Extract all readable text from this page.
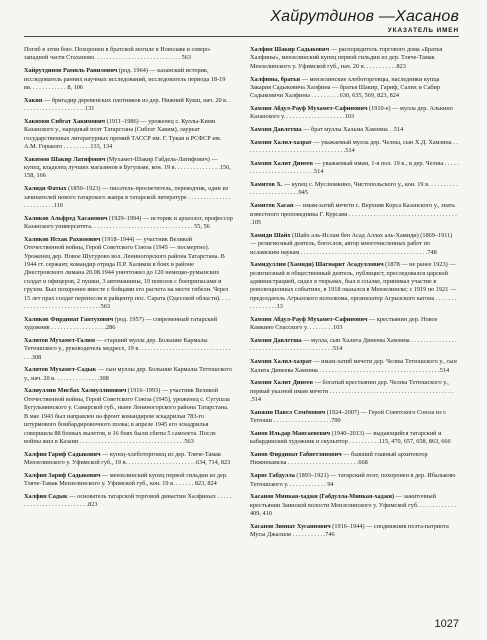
Хайрутдинов —Хасанов
УКАЗАТЕЛЬ ИМЕН

Погиб в этом бою. Похоронен в братской могиле в Новолаве в северо-западной части Стаханово. . . . . . . . . . . . . . . . . . . . . . . . . . . . 563

Хайрутдинов Рамиль Раиилович (род. 1964) — казанский историк, исследователь ранних научных исследований, исследователь периода 18-19 вв. . . . . . . . . . . . 8, 106

Хакин — бригадир деревенских плотников из дер. Нижний Кукш, нач. 20 в. . . . . . . . . . . . . . . . . . . . . .131

Хакимов Сибгат Хакимович (1911–1986) — уроженец с. Куллы-Кими Казанского у., народный поэт Татарстана (Сибгат Хаким), лауреат государственных литературных премий ТАССР им. Г. Тукая и РСФСР им. А.М. Горького . . . . . . . . .133, 134

Хакимов Шакир Латифович (Мухамет-Шакир Габдель-Латифович) — купец, владелец лучших магазинов в Бугульме, кон. 19 в. . . . . . . . . . . . . . .156, 158, 166

Халиди Фатых (1850–1923) — писатель-просветитель, переводчик, один из зачинателей нового татарского жанра в татарской литературе . . . . . . . . . . . . . . . . . . . . . . . .110

Халиков Альфред Хасанович (1929–1994) — историк и археолог, профессор Казанского университета. . . . . . . . . . . . . . . . . . . . . . . . . . . . . . . . . 55, 56

Халиков Исхак Рахимович (1918–1944) — участник Великой Отечественной войны, Герой Советского Союза (1945 — посмертно). Уроженец дер. Новое Шугурово вол. Лениногорского района Татарстана. В 1944 гг. сержант, командир отряда П.Р. Халиков в боях в районе Днестровского лимана 20.08.1944 уничтожил до 120 немецко-румынских солдат и офицеров, 2 пушки, 3 автомашины, 19 повозок с боеприпасами и грузом. Был похоронен вместе с бойцами его расчета на месте гибели. Через 15 лет прах солдат перенесли в райцентр пос. Сарата (Одесской области). . . . . . . . . . . . . . . . . . . . . . . . . . . . .563

Халиков Фирдинат Гантухович (род. 1957) — современный татарский художник . . . . . . . . . . . . . . . . . .286

Халитов Мухамет-Галим — старший мулла дер. Большие Кармалы Тетюшского у., руководитель медресе, 19 в. . . . . . . . . . . . . . . . . . . . . . . . . . . . . . . . .308

Халитов Мухамет-Садык — сын муллы дер. Большие Кармалы Тетюшского у., нач. 20 в. . . . . . . . . . . . . . .308

Халиуллин Мисбах Халиуллинович (1916–1993) — участник Великой Отечественной войны, Герой Советского Союза (1945), уроженец с. Сугушла Бугульминского у. Самарской губ., ныне Лениногорского района Татарстана. В мае 1943 был направлен на фронт командиром эскадрильи 783-го штурмового бомбардировочного полка; в апреле 1945 его эскадрилья совершила 88 боевых вылетов, в 16 боях были сбиты 5 самолета. После войны жил в Казани . . . . . . . . . . . . . . . . . . . . . . . . . . . . . . . . . .563

Халфин Гариф Садыкович — купец-хлеботорговец из дер. Тляче-Тамак Мензелинского у. Уфимской губ., 19 в. . . . . . . . . . . . . . . . . . . . . . .634, 714, 823

Халфин Зариф Садыкович — мензелинский купец первой гильдии из дер. Тляче-Тамак Мензелинского у. Уфимской губ., кон. 19 в. . . . . . . 823, 824

Халфин Садык — основатель татарской торговой династии Халфиных . . . . . . . . . . . . . . . . . . . . . . . . . .823

Халфин Шакир Садыкович — распорядитель торгового дома «Братья Халфины», мензелинский купец первой гильдии из дер. Тляче-Тамак Мензелинского у. Уфимской губ., нач. 20 в. . . . . . . . . . .823

Халфины, братья — мензелинские хлеботорговцы, наследники купца Закария Садыковича Халфина — братья Шакир, Гариф, Салих и Сабир Садыковичи Халфины . . . . . . . . . 630, 635, 569, 823, 824

Хамзин Абдул-Рауф Мухамет-Сафинович (1910-е) — мулла дер. Алькино Казанского у. . . . . . . . . . . . . . . . . . . .103

Хамзин Давлетша — брат муллы Хальма Хамзина . .514

Хамзин Халил-хазрат — уважаемый мулла дер. Челны, сын Х.Д. Хамзина . . . . . . . . . . . . . . . . . . . . . . . . . . . . . . . . .514

Хамзин Халит Динеев — уважаемый имам, 1-я пол. 19 в., в дер. Челны . . . . . . . . . . . . . . . . . . . . . . . . . .514

Хамитов Х. — купец с. Муслюмкино, Чистопольского у., кон. 19 в. . . . . . . . . . . . . . . . . . . . . . . . . .945

Хамитов Хасан — имам-хатиб мечети с. Верхняя Корса Казанского у., знать известного проповедника Г. Курсави . . . . . . . . . . . . . . . . . . . . . . . . . . . . . . . . . . . .105

Хамиди Шайх (Шайх аль-Ислам бен Асад Аллах аль-Хамиди) (1869–1911) — религиозный деятель, богослов, автор многочисленных работ по исламским наукам . . . . . . . . . . . . . . . . . . . . . . . . . . . . . . . . . . . . . . . . .748

Хамидуллин (Хамиди) Шагиарит Асадуллович (1878 — не ранее 1923) — религиозный и общественный деятель, публицист, преследовался царской администрацией, сидел в тюрьмах, был в ссылке, принимал участие в революционных событиях, в 1918 оказался в Мензелинске; с 1919 по 1921 — председатель Агрызского исполкома, организатор Агрызского катона . . . . . . . . . . . . . . . .13

Хамзин Абдул-Рауф Мухамет-Сафинович — крестьянин дер. Новое Камкино Спасского у. . . . . . . . .103

Хамзин Давлетша — мулла, сын Халита Динеева Хамзина . . . . . . . . . . . . . . . . . . . . . . . . . . . . . . . . . . . . . . . . . .514

Хамзин Халил-хазрат — имам-хатиб мечети дер. Челны Тетюшского у., сын Халита Динеева Хамзина . . . . . . . . . . . . . . . . . . . . . . . . . . . . . . . . . . . . . . .514

Хамзин Халит Динеев — богатый крестьянин дер. Челны Тетюшского у., первый указной имам мечети . . . . . . . . . . . . . . . . . . . . . . . . . . . . . . . . . . . . . . . . .514

Ханжин Павел Семёнович (1924–2007) — Герой Советского Союза из г. Тетюши . . . . . . . . . . . . . . . . . . .790

Ханов Ильдар Мансаевевич (1940–2013) — выдающийся татарский и кабардинский художник и скульптор . . . . . . . . . .115, 470, 657, 658, 863, 666

Ханов Фирдинат Габиетзянович — бывший главный архитектор Нижнекамска . . . . . . . . . . . . . . . . . . . . . . .668

Харис Габдулла (1893–1921) — татарский поэт, похоронен в дер. Ибальково Тетюшского у. . . . . . . . . . . . . 94

Хасанов Минкая-хаджи (Габдулла-Минкая-хаджи) — зажиточный крестьянин Заинской волости Мензелинского у. Уфимской губ. . . . . . . . . . . . . 409, 410

Хасанов Зиннат Хусаинович (1916–1944) — сподвижник поэта-патриота Мусы Джалиля . . . . . . . . . . .746

1027
